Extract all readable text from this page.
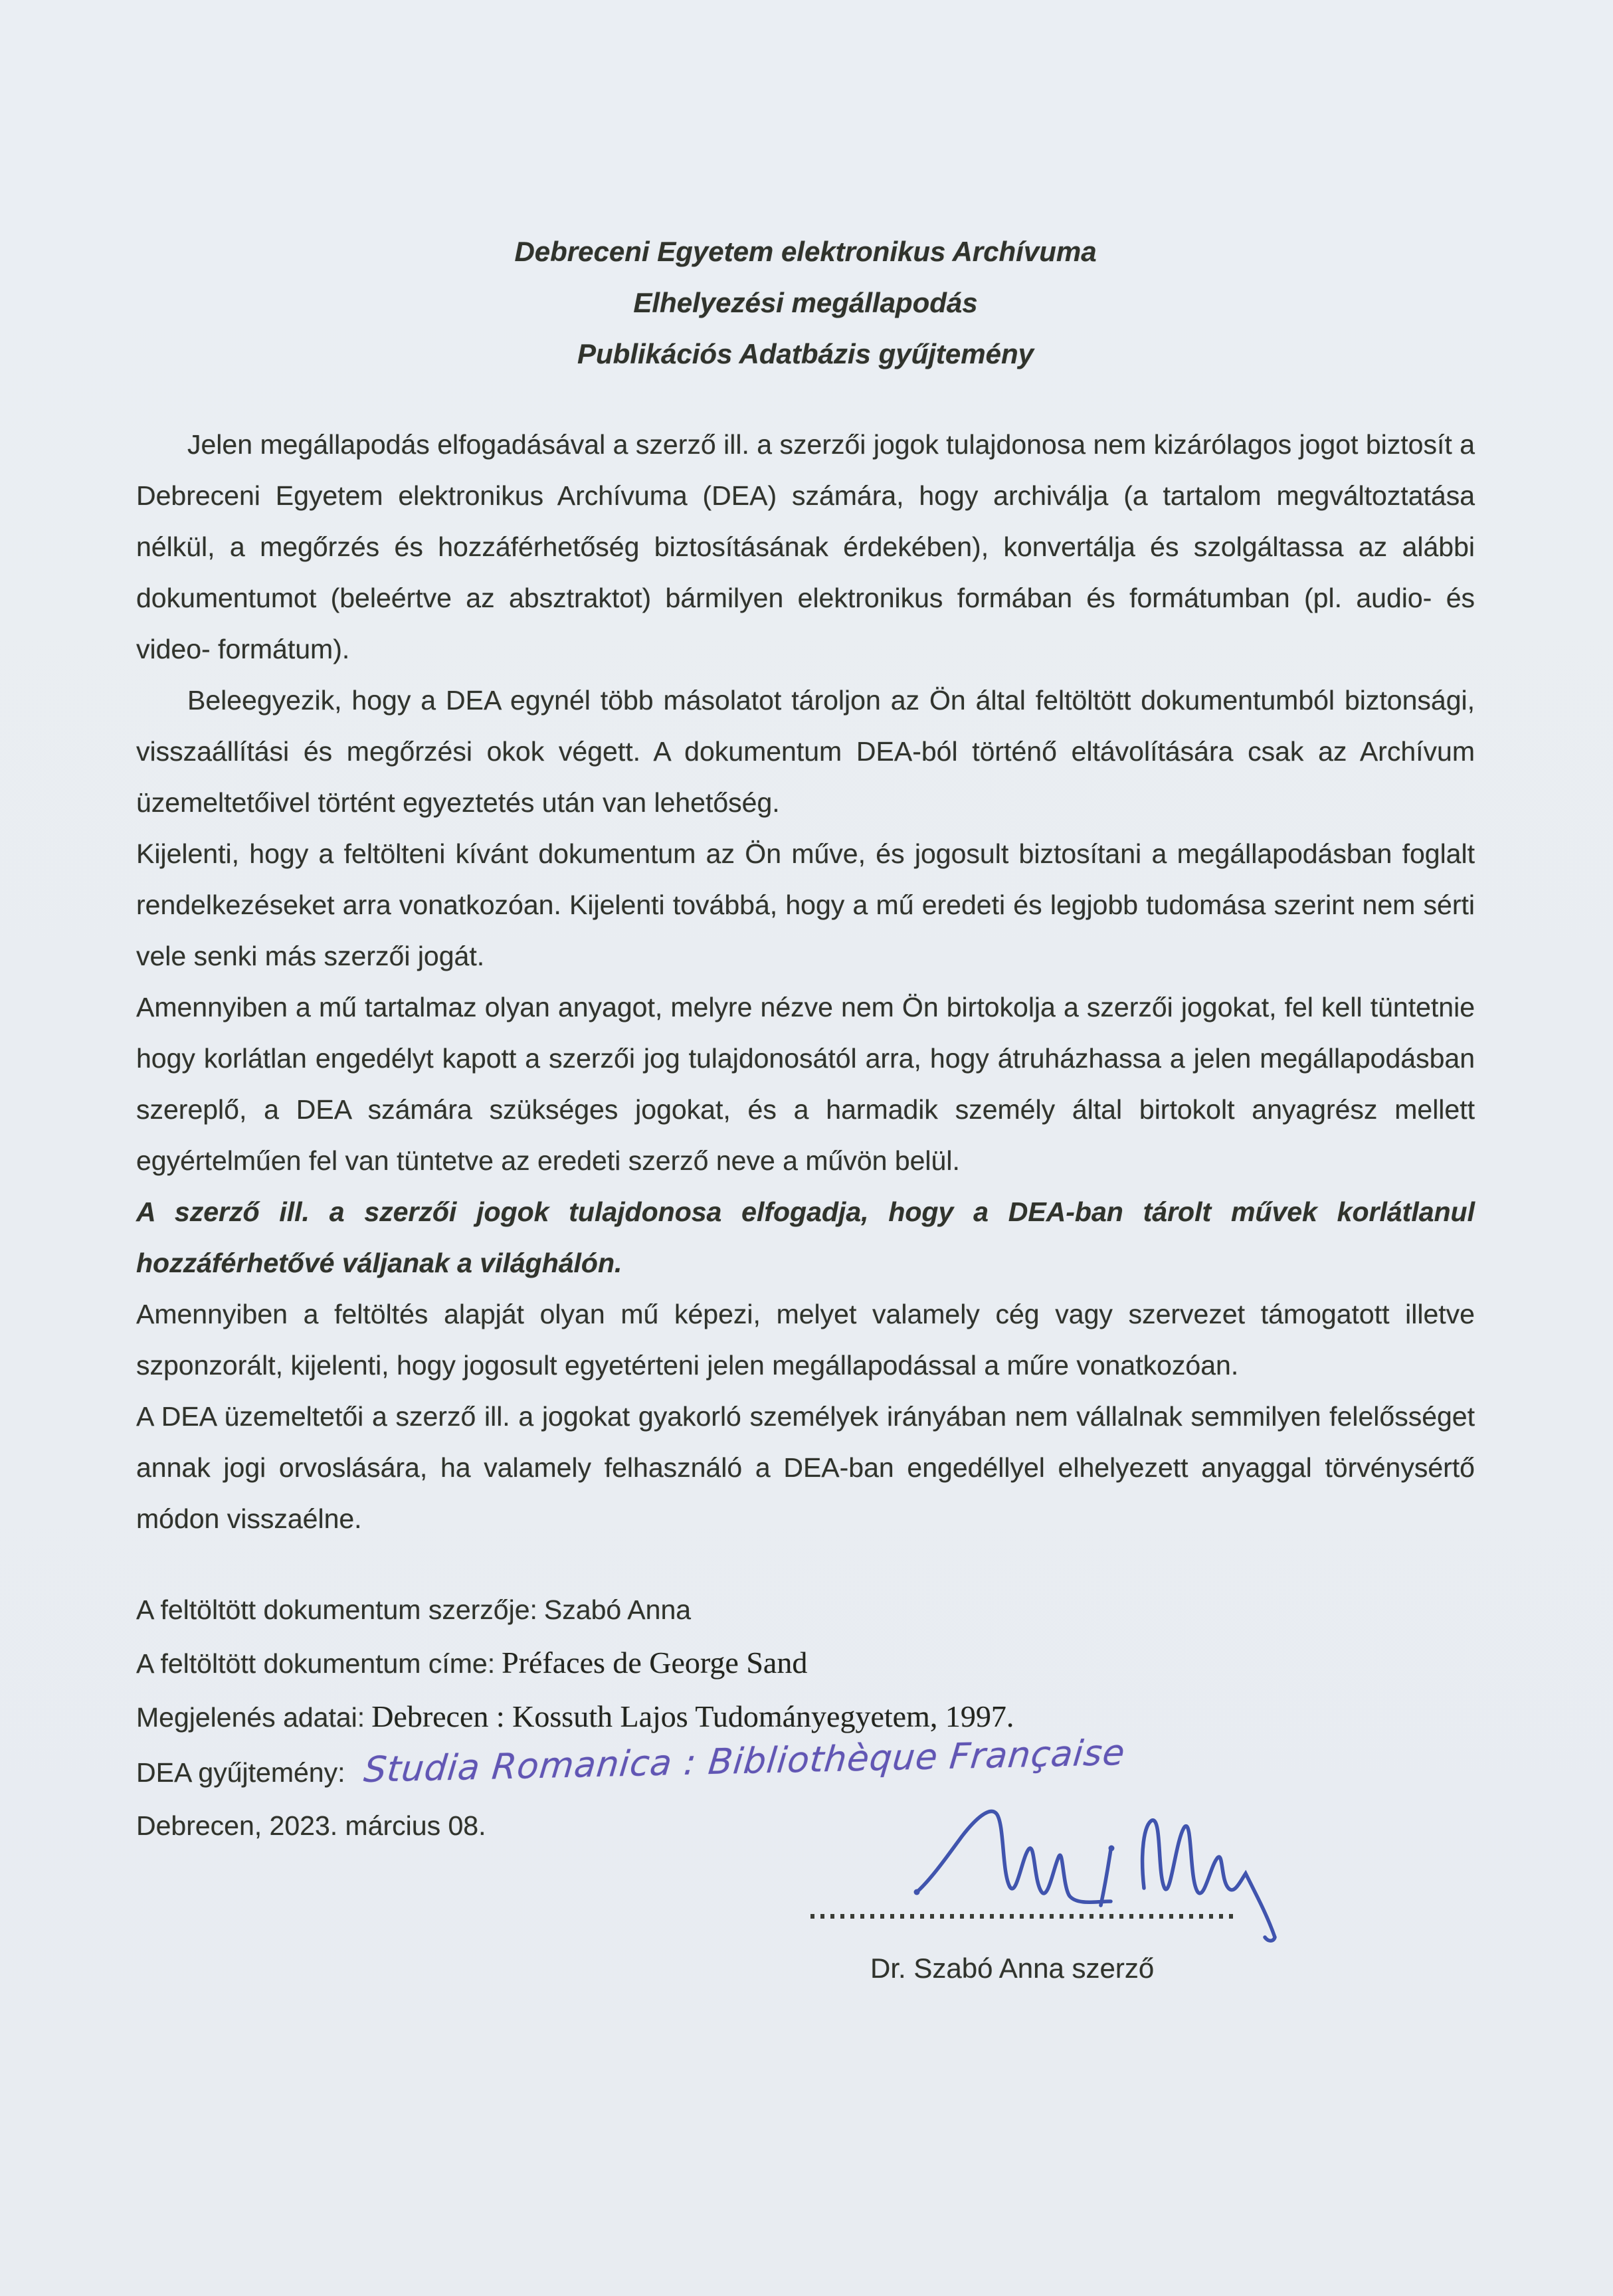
Debreceni Egyetem elektronikus Archívuma
Elhelyezési megállapodás
Publikációs Adatbázis gyűjtemény

Jelen megállapodás elfogadásával a szerző ill. a szerzői jogok tulajdonosa nem kizárólagos jogot biztosít a Debreceni Egyetem elektronikus Archívuma (DEA) számára, hogy archiválja (a tartalom megváltoztatása nélkül, a megőrzés és hozzáférhetőség biztosításának érdekében), konvertálja és szolgáltassa az alábbi dokumentumot (beleértve az absztraktot) bármilyen elektronikus formában és formátumban (pl. audio- és video- formátum).

Beleegyezik, hogy a DEA egynél több másolatot tároljon az Ön által feltöltött dokumentumból biztonsági, visszaállítási és megőrzési okok végett. A dokumentum DEA-ból történő eltávolítására csak az Archívum üzemeltetőivel történt egyeztetés után van lehetőség.

Kijelenti, hogy a feltölteni kívánt dokumentum az Ön műve, és jogosult biztosítani a megállapodásban foglalt rendelkezéseket arra vonatkozóan. Kijelenti továbbá, hogy a mű eredeti és legjobb tudomása szerint nem sérti vele senki más szerzői jogát.

Amennyiben a mű tartalmaz olyan anyagot, melyre nézve nem Ön birtokolja a szerzői jogokat, fel kell tüntetnie hogy korlátlan engedélyt kapott a szerzői jog tulajdonosától arra, hogy átruházhassa a jelen megállapodásban szereplő, a DEA számára szükséges jogokat, és a harmadik személy által birtokolt anyagrész mellett egyértelműen fel van tüntetve az eredeti szerző neve a művön belül.

A szerző ill. a szerzői jogok tulajdonosa elfogadja, hogy a DEA-ban tárolt művek korlátlanul hozzáférhetővé váljanak a világhálón.

Amennyiben a feltöltés alapját olyan mű képezi, melyet valamely cég vagy szervezet támogatott illetve szponzorált, kijelenti, hogy jogosult egyetérteni jelen megállapodással a műre vonatkozóan.

A DEA üzemeltetői a szerző ill. a jogokat gyakorló személyek irányában nem vállalnak semmilyen felelősséget annak jogi orvoslására, ha valamely felhasználó a DEA-ban engedéllyel elhelyezett anyaggal törvénysértő módon visszaélne.

A feltöltött dokumentum szerzője: Szabó Anna
A feltöltött dokumentum címe: Préfaces de George Sand
Megjelenés adatai: Debrecen : Kossuth Lajos Tudományegyetem, 1997.
DEA gyűjtemény: Studia Romanica : Bibliothèque Française
Debrecen, 2023. március 08.
Dr. Szabó Anna szerző
